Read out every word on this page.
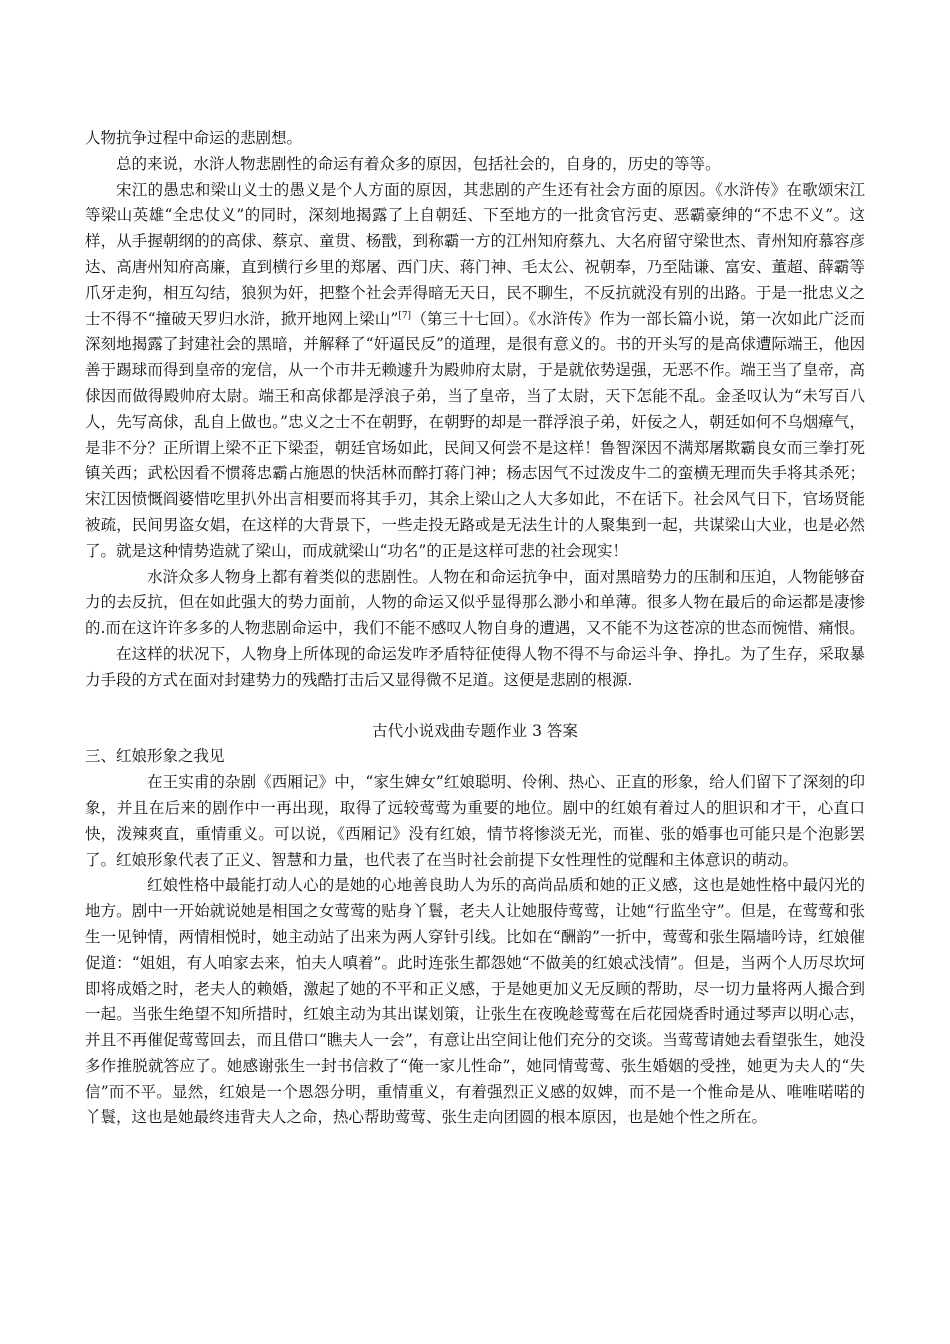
人物抗争过程中命运的悲剧想。

总的来说，水浒人物悲剧性的命运有着众多的原因，包括社会的，自身的，历史的等等。

宋江的愚忠和梁山义士的愚义是个人方面的原因，其悲剧的产生还有社会方面的原因。《水浒传》在歌颂宋江等梁山英雄“全忠仗义”的同时，深刻地揭露了上自朝廷、下至地方的一批贪官污吏、恶霸豪绅的“不忠不义”。这样，从手握朝纲的的高俅、蔡京、童贯、杨戬，到称霸一方的江州知府蔡九、大名府留守梁世杰、青州知府慕容彦达、高唐州知府高廉，直到横行乡里的郑屠、西门庆、蒋门神、毛太公、祝朝奉，乃至陆谦、富安、董超、薛霸等爪牙走狗，相互勾结，狼狈为奸，把整个社会弄得暗无天日，民不聊生，不反抗就没有别的出路。于是一批忠义之士不得不“撞破天罗归水浒，掀开地网上梁山”[7]（第三十七回）。《水浒传》作为一部长篇小说，第一次如此广泛而深刻地揭露了封建社会的黑暗，并解释了“奸逼民反”的道理，是很有意义的。书的开头写的是高俅遭际端王，他因善于踢球而得到皇帝的宠信，从一个市井无赖遽升为殿帅府太尉，于是就依势逞强，无恶不作。端王当了皇帝，高俅因而做得殿帅府太尉。端王和高俅都是浮浪子弟，当了皇帝，当了太尉，天下怎能不乱。金圣叹认为“未写百八人，先写高俅，乱自上做也。”忠义之士不在朝野，在朝野的却是一群浮浪子弟，奸佞之人，朝廷如何不乌烟瘴气，是非不分？正所谓上梁不正下梁歪，朝廷官场如此，民间又何尝不是这样！鲁智深因不满郑屠欺霸良女而三拳打死镇关西；武松因看不惯蒋忠霸占施恩的快活林而醉打蒋门神；杨志因气不过泼皮牛二的蛮横无理而失手将其杀死；宋江因愤慨阎婆惜吃里扒外出言相要而将其手刃，其余上梁山之人大多如此，不在话下。社会风气日下，官场贤能被疏，民间男盗女娼，在这样的大背景下，一些走投无路或是无法生计的人聚集到一起，共谋梁山大业，也是必然了。就是这种情势造就了梁山，而成就梁山“功名”的正是这样可悲的社会现实！

水浒众多人物身上都有着类似的悲剧性。人物在和命运抗争中，面对黑暗势力的压制和压迫，人物能够奋力的去反抗，但在如此强大的势力面前，人物的命运又似乎显得那么渺小和单薄。很多人物在最后的命运都是凄惨的.而在这许许多多的人物悲剧命运中，我们不能不感叹人物自身的遭遇，又不能不为这苍凉的世态而惋惜、痛恨。

在这样的状况下，人物身上所体现的命运发咋矛盾特征使得人物不得不与命运斗争、挣扎。为了生存，采取暴力手段的方式在面对封建势力的残酷打击后又显得微不足道。这便是悲剧的根源.

古代小说戏曲专题作业 3 答案

三、红娘形象之我见

在王实甫的杂剧《西厢记》中，“家生婢女”红娘聪明、伶俐、热心、正直的形象，给人们留下了深刻的印象，并且在后来的剧作中一再出现，取得了远较莺莺为重要的地位。剧中的红娘有着过人的胆识和才干，心直口快，泼辣爽直，重情重义。可以说，《西厢记》没有红娘，情节将惨淡无光，而崔、张的婚事也可能只是个泡影罢了。红娘形象代表了正义、智慧和力量，也代表了在当时社会前提下女性理性的觉醒和主体意识的萌动。

红娘性格中最能打动人心的是她的心地善良助人为乐的高尚品质和她的正义感，这也是她性格中最闪光的地方。剧中一开始就说她是相国之女莺莺的贴身丫鬟，老夫人让她服侍莺莺，让她“行监坐守”。但是，在莺莺和张生一见钟情，两情相悦时，她主动站了出来为两人穿针引线。比如在“酬韵”一折中，莺莺和张生隔墙吟诗，红娘催促道：“姐姐，有人咱家去来，怕夫人嗔着”。此时连张生都怨她“不做美的红娘忒浅情”。但是，当两个人历尽坎坷即将成婚之时，老夫人的赖婚，激起了她的不平和正义感，于是她更加义无反顾的帮助，尽一切力量将两人撮合到一起。当张生绝望不知所措时，红娘主动为其出谋划策，让张生在夜晚趁莺莺在后花园烧香时通过琴声以明心志，并且不再催促莺莺回去，而且借口“瞧夫人一会”，有意让出空间让他们充分的交谈。当莺莺请她去看望张生，她没多作推脱就答应了。她感谢张生一封书信救了“俺一家儿性命”，她同情莺莺、张生婚姻的受挫，她更为夫人的“失信”而不平。显然，红娘是一个恩怨分明，重情重义，有着强烈正义感的奴婢，而不是一个惟命是从、唯唯喏喏的丫鬟，这也是她最终违背夫人之命，热心帮助莺莺、张生走向团圆的根本原因，也是她个性之所在。
